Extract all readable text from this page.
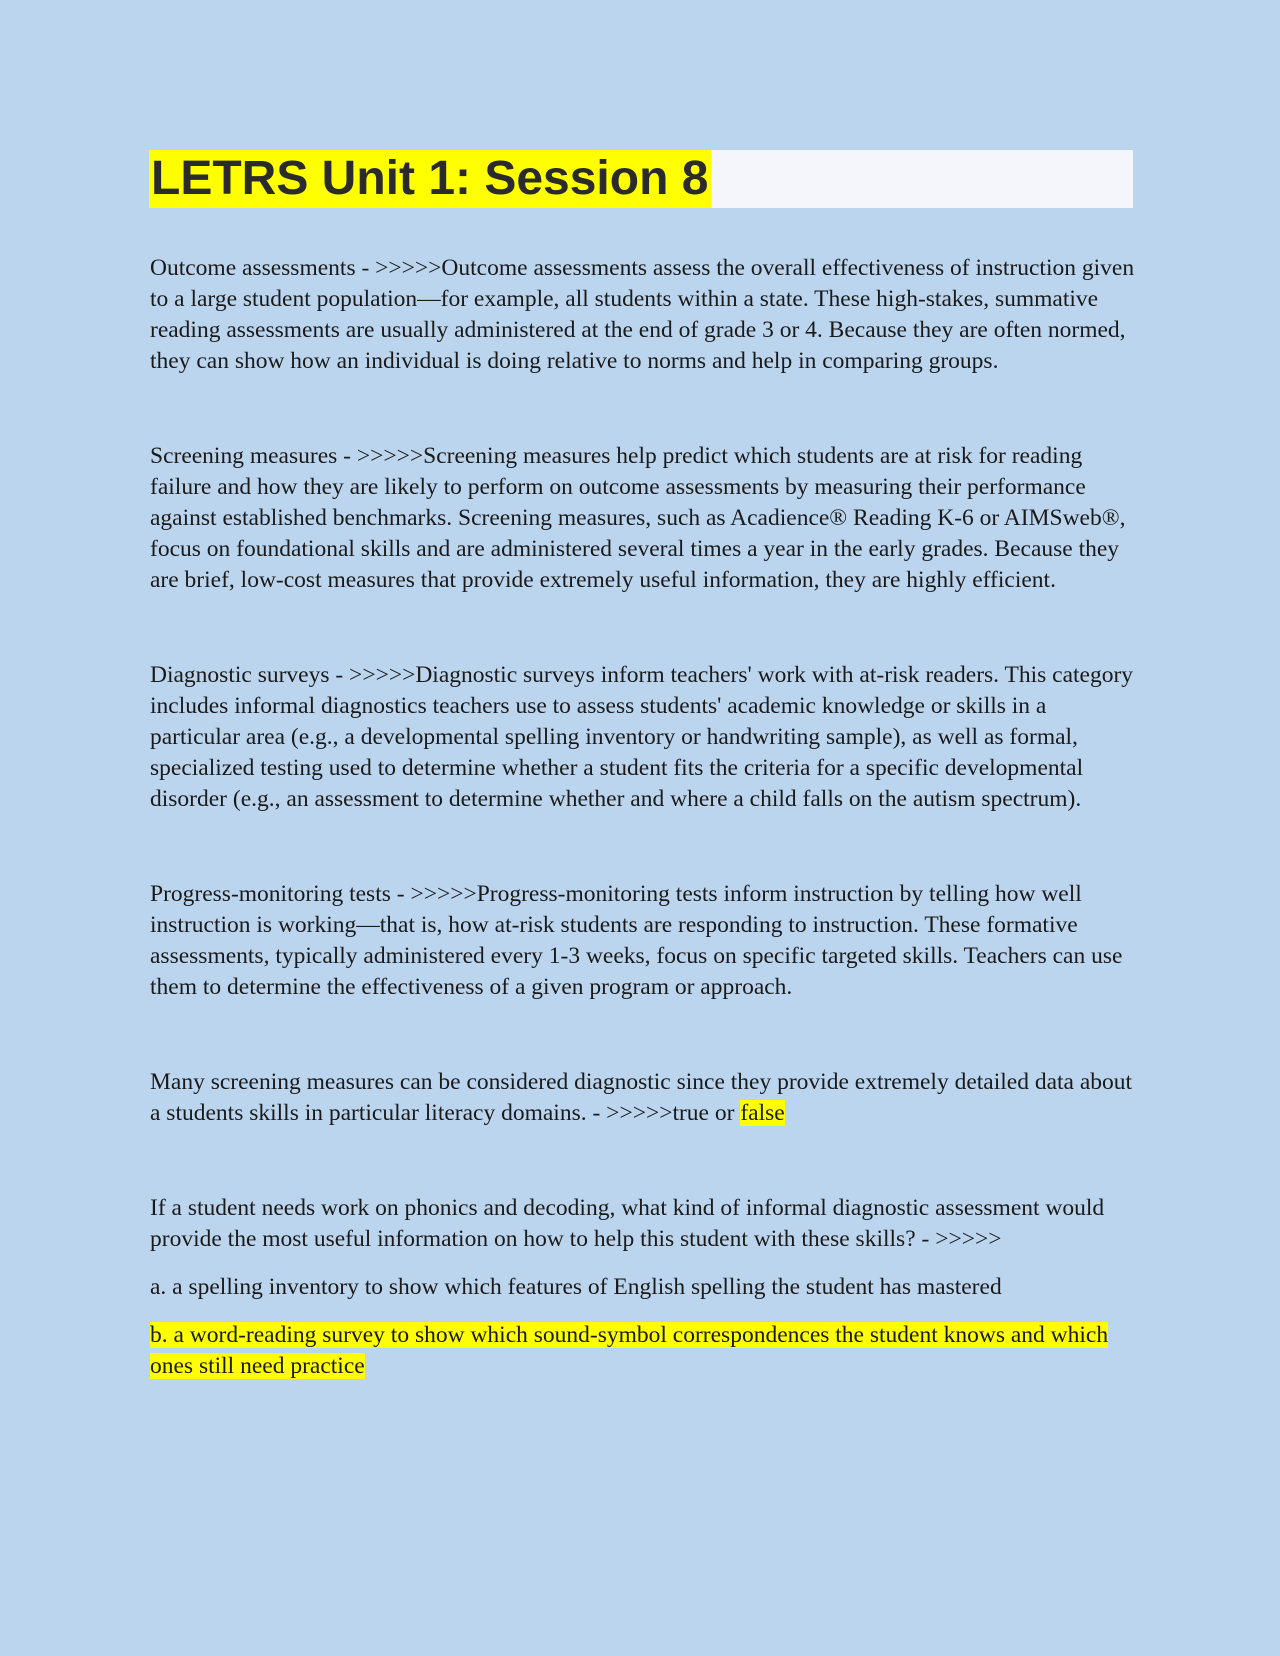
LETRS Unit 1: Session 8

Outcome assessments - >>>>>Outcome assessments assess the overall effectiveness of instruction given to a large student population—for example, all students within a state. These high-stakes, summative reading assessments are usually administered at the end of grade 3 or 4. Because they are often normed, they can show how an individual is doing relative to norms and help in comparing groups.

Screening measures - >>>>>Screening measures help predict which students are at risk for reading failure and how they are likely to perform on outcome assessments by measuring their performance against established benchmarks. Screening measures, such as Acadience® Reading K-6 or AIMSweb®, focus on foundational skills and are administered several times a year in the early grades. Because they are brief, low-cost measures that provide extremely useful information, they are highly efficient.

Diagnostic surveys - >>>>>Diagnostic surveys inform teachers' work with at-risk readers. This category includes informal diagnostics teachers use to assess students' academic knowledge or skills in a particular area (e.g., a developmental spelling inventory or handwriting sample), as well as formal, specialized testing used to determine whether a student fits the criteria for a specific developmental disorder (e.g., an assessment to determine whether and where a child falls on the autism spectrum).

Progress-monitoring tests - >>>>>Progress-monitoring tests inform instruction by telling how well instruction is working—that is, how at-risk students are responding to instruction. These formative assessments, typically administered every 1-3 weeks, focus on specific targeted skills. Teachers can use them to determine the effectiveness of a given program or approach.

Many screening measures can be considered diagnostic since they provide extremely detailed data about a students skills in particular literacy domains. - >>>>>true or false

If a student needs work on phonics and decoding, what kind of informal diagnostic assessment would provide the most useful information on how to help this student with these skills? - >>>>>

a. a spelling inventory to show which features of English spelling the student has mastered

b. a word-reading survey to show which sound-symbol correspondences the student knows and which ones still need practice
